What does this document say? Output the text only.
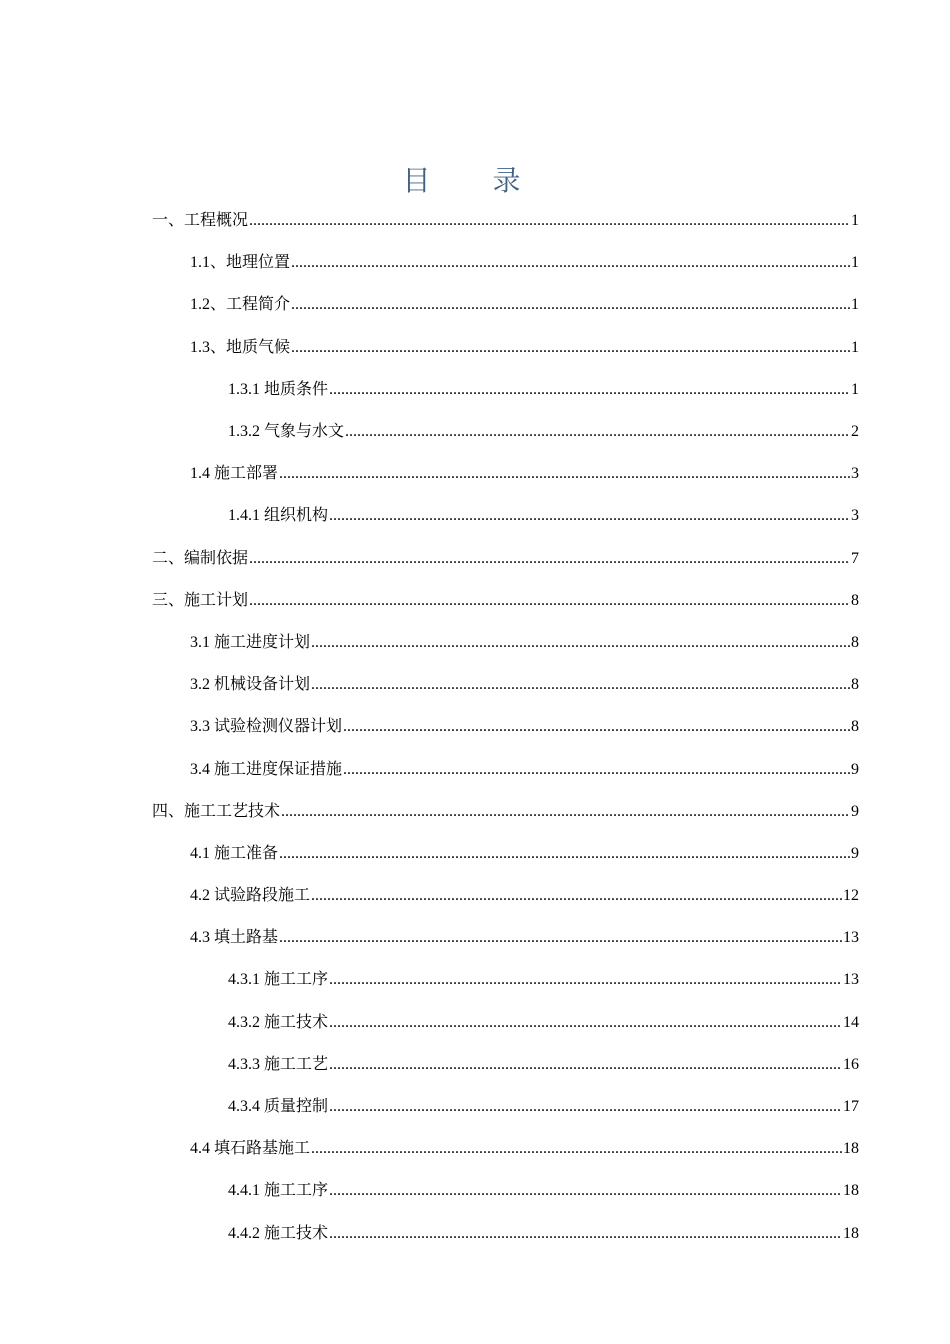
目录
一、工程概况 .....	1
1.1、地理位置 .....	1
1.2、工程简介 .....	1
1.3、地质气候 .....	1
1.3.1 地质条件 .....	1
1.3.2 气象与水文 .....	2
1.4 施工部署 .....	3
1.4.1 组织机构 .....	3
二、编制依据 .....	7
三、施工计划 .....	8
3.1 施工进度计划 .....	8
3.2 机械设备计划 .....	8
3.3 试验检测仪器计划 .....	8
3.4 施工进度保证措施 .....	9
四、施工工艺技术 .....	9
4.1 施工准备 .....	9
4.2 试验路段施工 .....	12
4.3 填土路基 .....	13
4.3.1 施工工序 .....	13
4.3.2 施工技术 .....	14
4.3.3 施工工艺 .....	16
4.3.4 质量控制 .....	17
4.4 填石路基施工 .....	18
4.4.1 施工工序 .....	18
4.4.2 施工技术 .....	18
